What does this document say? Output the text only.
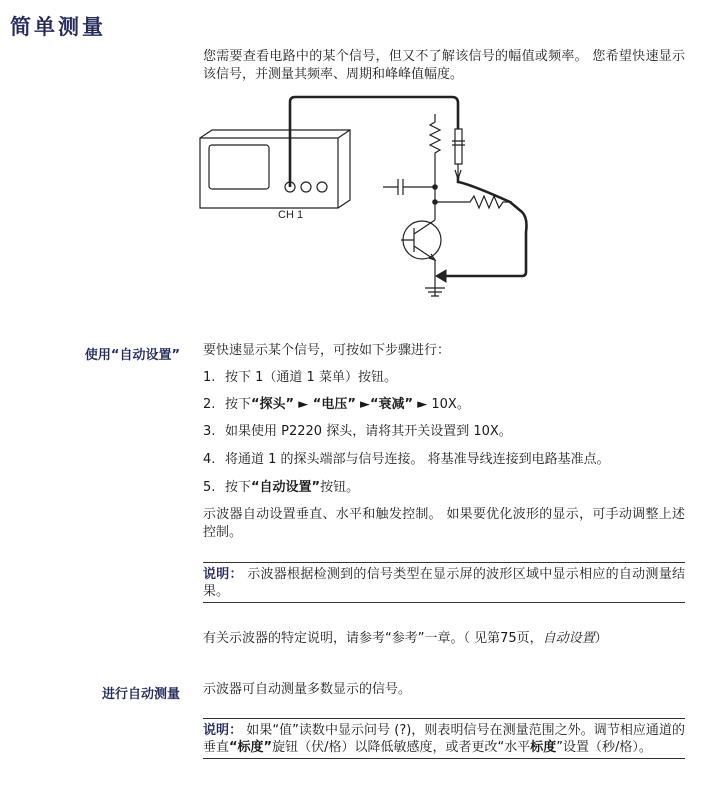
简单测量
您需要查看电路中的某个信号，但又不了解该信号的幅值或频率。 您希望快速显示该信号，并测量其频率、周期和峰峰值幅度。
CH 1
使用“自动设置” 要快速显示某个信号，可按如下步骤进行：
1. 按下 1（通道 1 菜单）按钮。
2. 按下“探头” ► “电压” ►“衰减” ► 10X。
3. 如果使用 P2220 探头，请将其开关设置到 10X。
4. 将通道 1 的探头端部与信号连接。 将基准导线连接到电路基准点。
5. 按下“自动设置”按钮。
示波器自动设置垂直、水平和触发控制。 如果要优化波形的显示，可手动调整上述控制。
说明： 示波器根据检测到的信号类型在显示屏的波形区域中显示相应的自动测量结果。
有关示波器的特定说明，请参考“参考”一章。（ 见第75页，自动设置）
进行自动测量 示波器可自动测量多数显示的信号。
说明： 如果“值”读数中显示问号 (?)，则表明信号在测量范围之外。调节相应通道的垂直“标度”旋钮（伏/格）以降低敏感度，或者更改“水平标度”设置（秒/格）。
